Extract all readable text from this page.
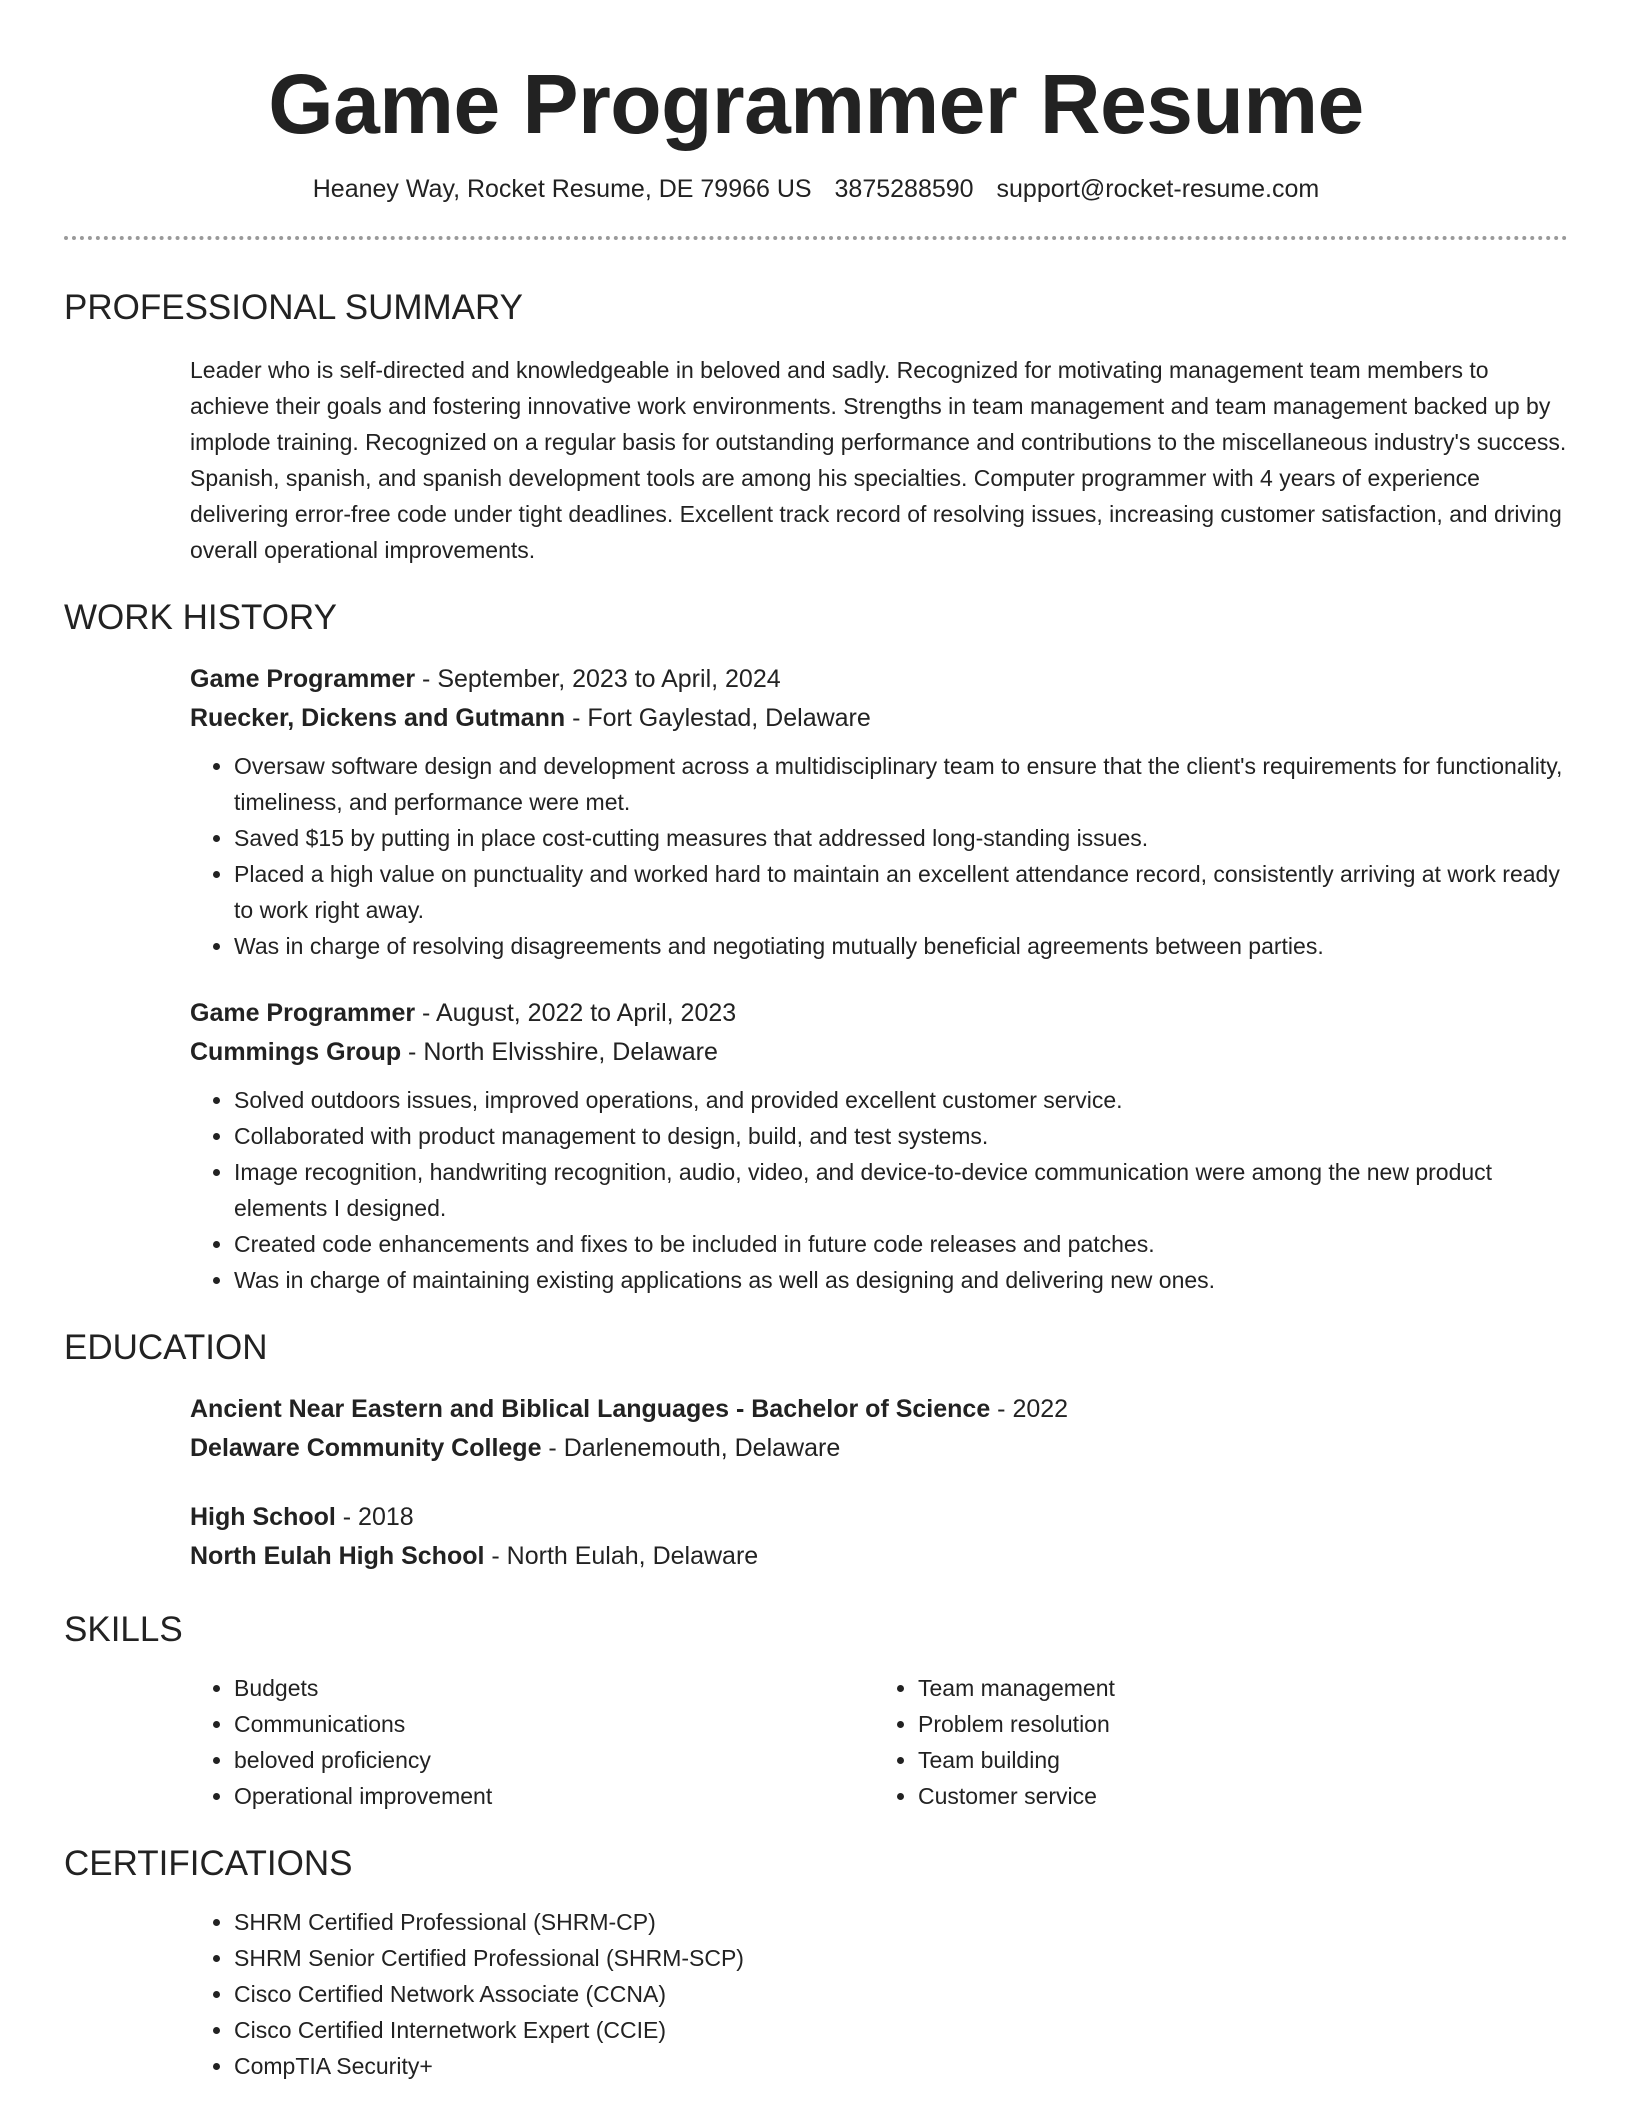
Game Programmer Resume
Heaney Way, Rocket Resume, DE 79966 US 3875288590 support@rocket-resume.com
PROFESSIONAL SUMMARY
Leader who is self-directed and knowledgeable in beloved and sadly. Recognized for motivating management team members to achieve their goals and fostering innovative work environments. Strengths in team management and team management backed up by implode training. Recognized on a regular basis for outstanding performance and contributions to the miscellaneous industry's success. Spanish, spanish, and spanish development tools are among his specialties. Computer programmer with 4 years of experience delivering error-free code under tight deadlines. Excellent track record of resolving issues, increasing customer satisfaction, and driving overall operational improvements.
WORK HISTORY
Game Programmer - September, 2023 to April, 2024
Ruecker, Dickens and Gutmann - Fort Gaylestad, Delaware
• Oversaw software design and development across a multidisciplinary team to ensure that the client's requirements for functionality, timeliness, and performance were met.
• Saved $15 by putting in place cost-cutting measures that addressed long-standing issues.
• Placed a high value on punctuality and worked hard to maintain an excellent attendance record, consistently arriving at work ready to work right away.
• Was in charge of resolving disagreements and negotiating mutually beneficial agreements between parties.
Game Programmer - August, 2022 to April, 2023
Cummings Group - North Elvisshire, Delaware
• Solved outdoors issues, improved operations, and provided excellent customer service.
• Collaborated with product management to design, build, and test systems.
• Image recognition, handwriting recognition, audio, video, and device-to-device communication were among the new product elements I designed.
• Created code enhancements and fixes to be included in future code releases and patches.
• Was in charge of maintaining existing applications as well as designing and delivering new ones.
EDUCATION
Ancient Near Eastern and Biblical Languages - Bachelor of Science - 2022
Delaware Community College - Darlenemouth, Delaware
High School - 2018
North Eulah High School - North Eulah, Delaware
SKILLS
• Budgets
• Communications
• beloved proficiency
• Operational improvement
• Team management
• Problem resolution
• Team building
• Customer service
CERTIFICATIONS
• SHRM Certified Professional (SHRM-CP)
• SHRM Senior Certified Professional (SHRM-SCP)
• Cisco Certified Network Associate (CCNA)
• Cisco Certified Internetwork Expert (CCIE)
• CompTIA Security+
